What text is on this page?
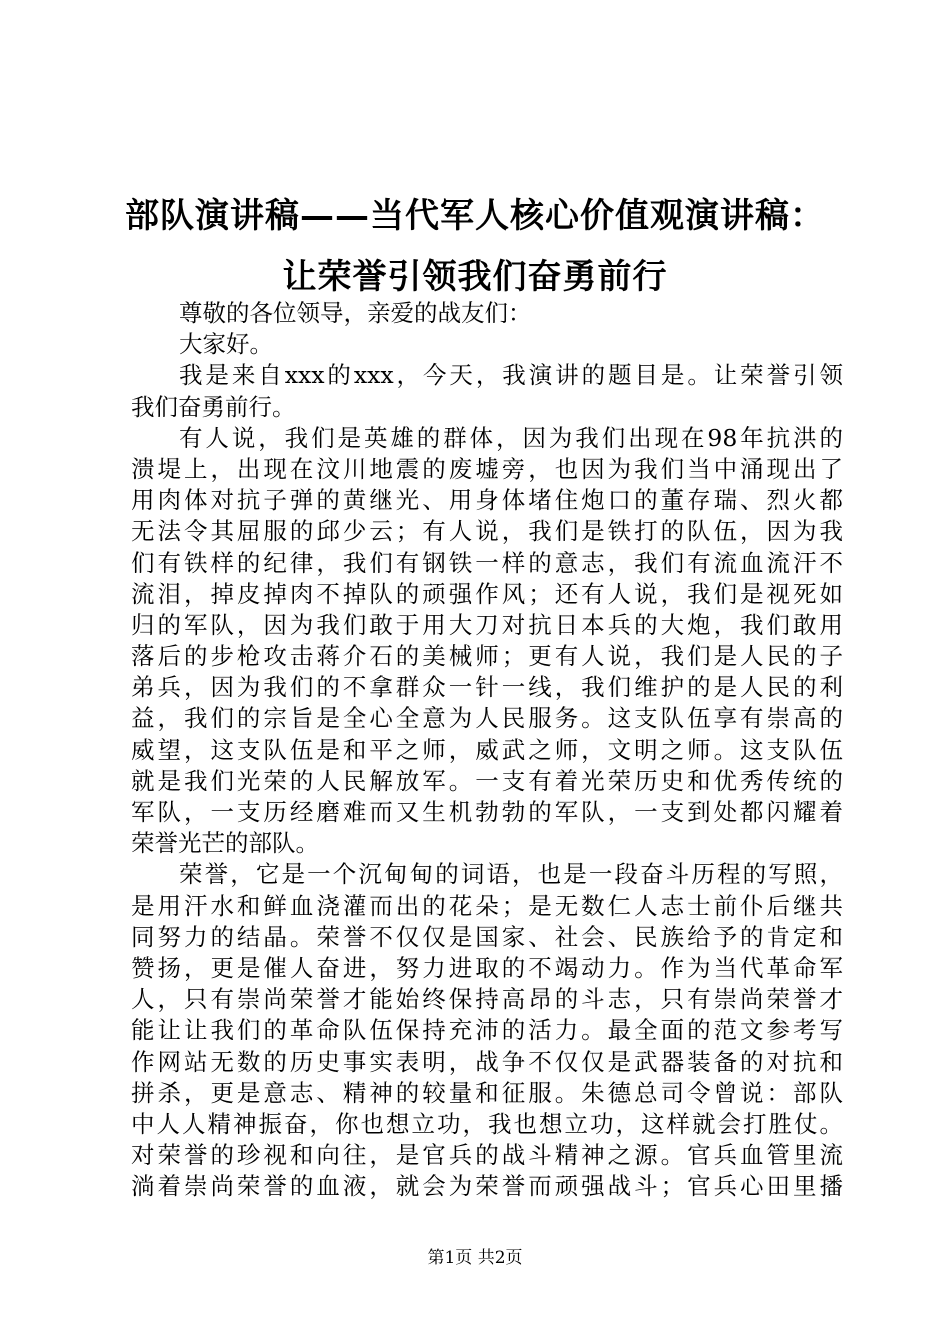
部队演讲稿——当代军人核心价值观演讲稿：
让荣誉引领我们奋勇前行
尊敬的各位领导，亲爱的战友们：
大家好。
我是来自xxx的xxx，今天，我演讲的题目是。让荣誉引领
我们奋勇前行。
有人说，我们是英雄的群体，因为我们出现在98年抗洪的
溃堤上，出现在汶川地震的废墟旁，也因为我们当中涌现出了
用肉体对抗子弹的黄继光、用身体堵住炮口的董存瑞、烈火都
无法令其屈服的邱少云；有人说，我们是铁打的队伍，因为我
们有铁样的纪律，我们有钢铁一样的意志，我们有流血流汗不
流泪，掉皮掉肉不掉队的顽强作风；还有人说，我们是视死如
归的军队，因为我们敢于用大刀对抗日本兵的大炮，我们敢用
落后的步枪攻击蒋介石的美械师；更有人说，我们是人民的子
弟兵，因为我们的不拿群众一针一线，我们维护的是人民的利
益，我们的宗旨是全心全意为人民服务。这支队伍享有崇高的
威望，这支队伍是和平之师，威武之师，文明之师。这支队伍
就是我们光荣的人民解放军。一支有着光荣历史和优秀传统的
军队，一支历经磨难而又生机勃勃的军队，一支到处都闪耀着
荣誉光芒的部队。
荣誉，它是一个沉甸甸的词语，也是一段奋斗历程的写照，
是用汗水和鲜血浇灌而出的花朵；是无数仁人志士前仆后继共
同努力的结晶。荣誉不仅仅是国家、社会、民族给予的肯定和
赞扬，更是催人奋进，努力进取的不竭动力。作为当代革命军
人，只有崇尚荣誉才能始终保持高昂的斗志，只有崇尚荣誉才
能让让我们的革命队伍保持充沛的活力。最全面的范文参考写
作网站无数的历史事实表明，战争不仅仅是武器装备的对抗和
拼杀，更是意志、精神的较量和征服。朱德总司令曾说：部队
中人人精神振奋，你也想立功，我也想立功，这样就会打胜仗。
对荣誉的珍视和向往，是官兵的战斗精神之源。官兵血管里流
淌着崇尚荣誉的血液，就会为荣誉而顽强战斗；官兵心田里播
第1页 共2页
